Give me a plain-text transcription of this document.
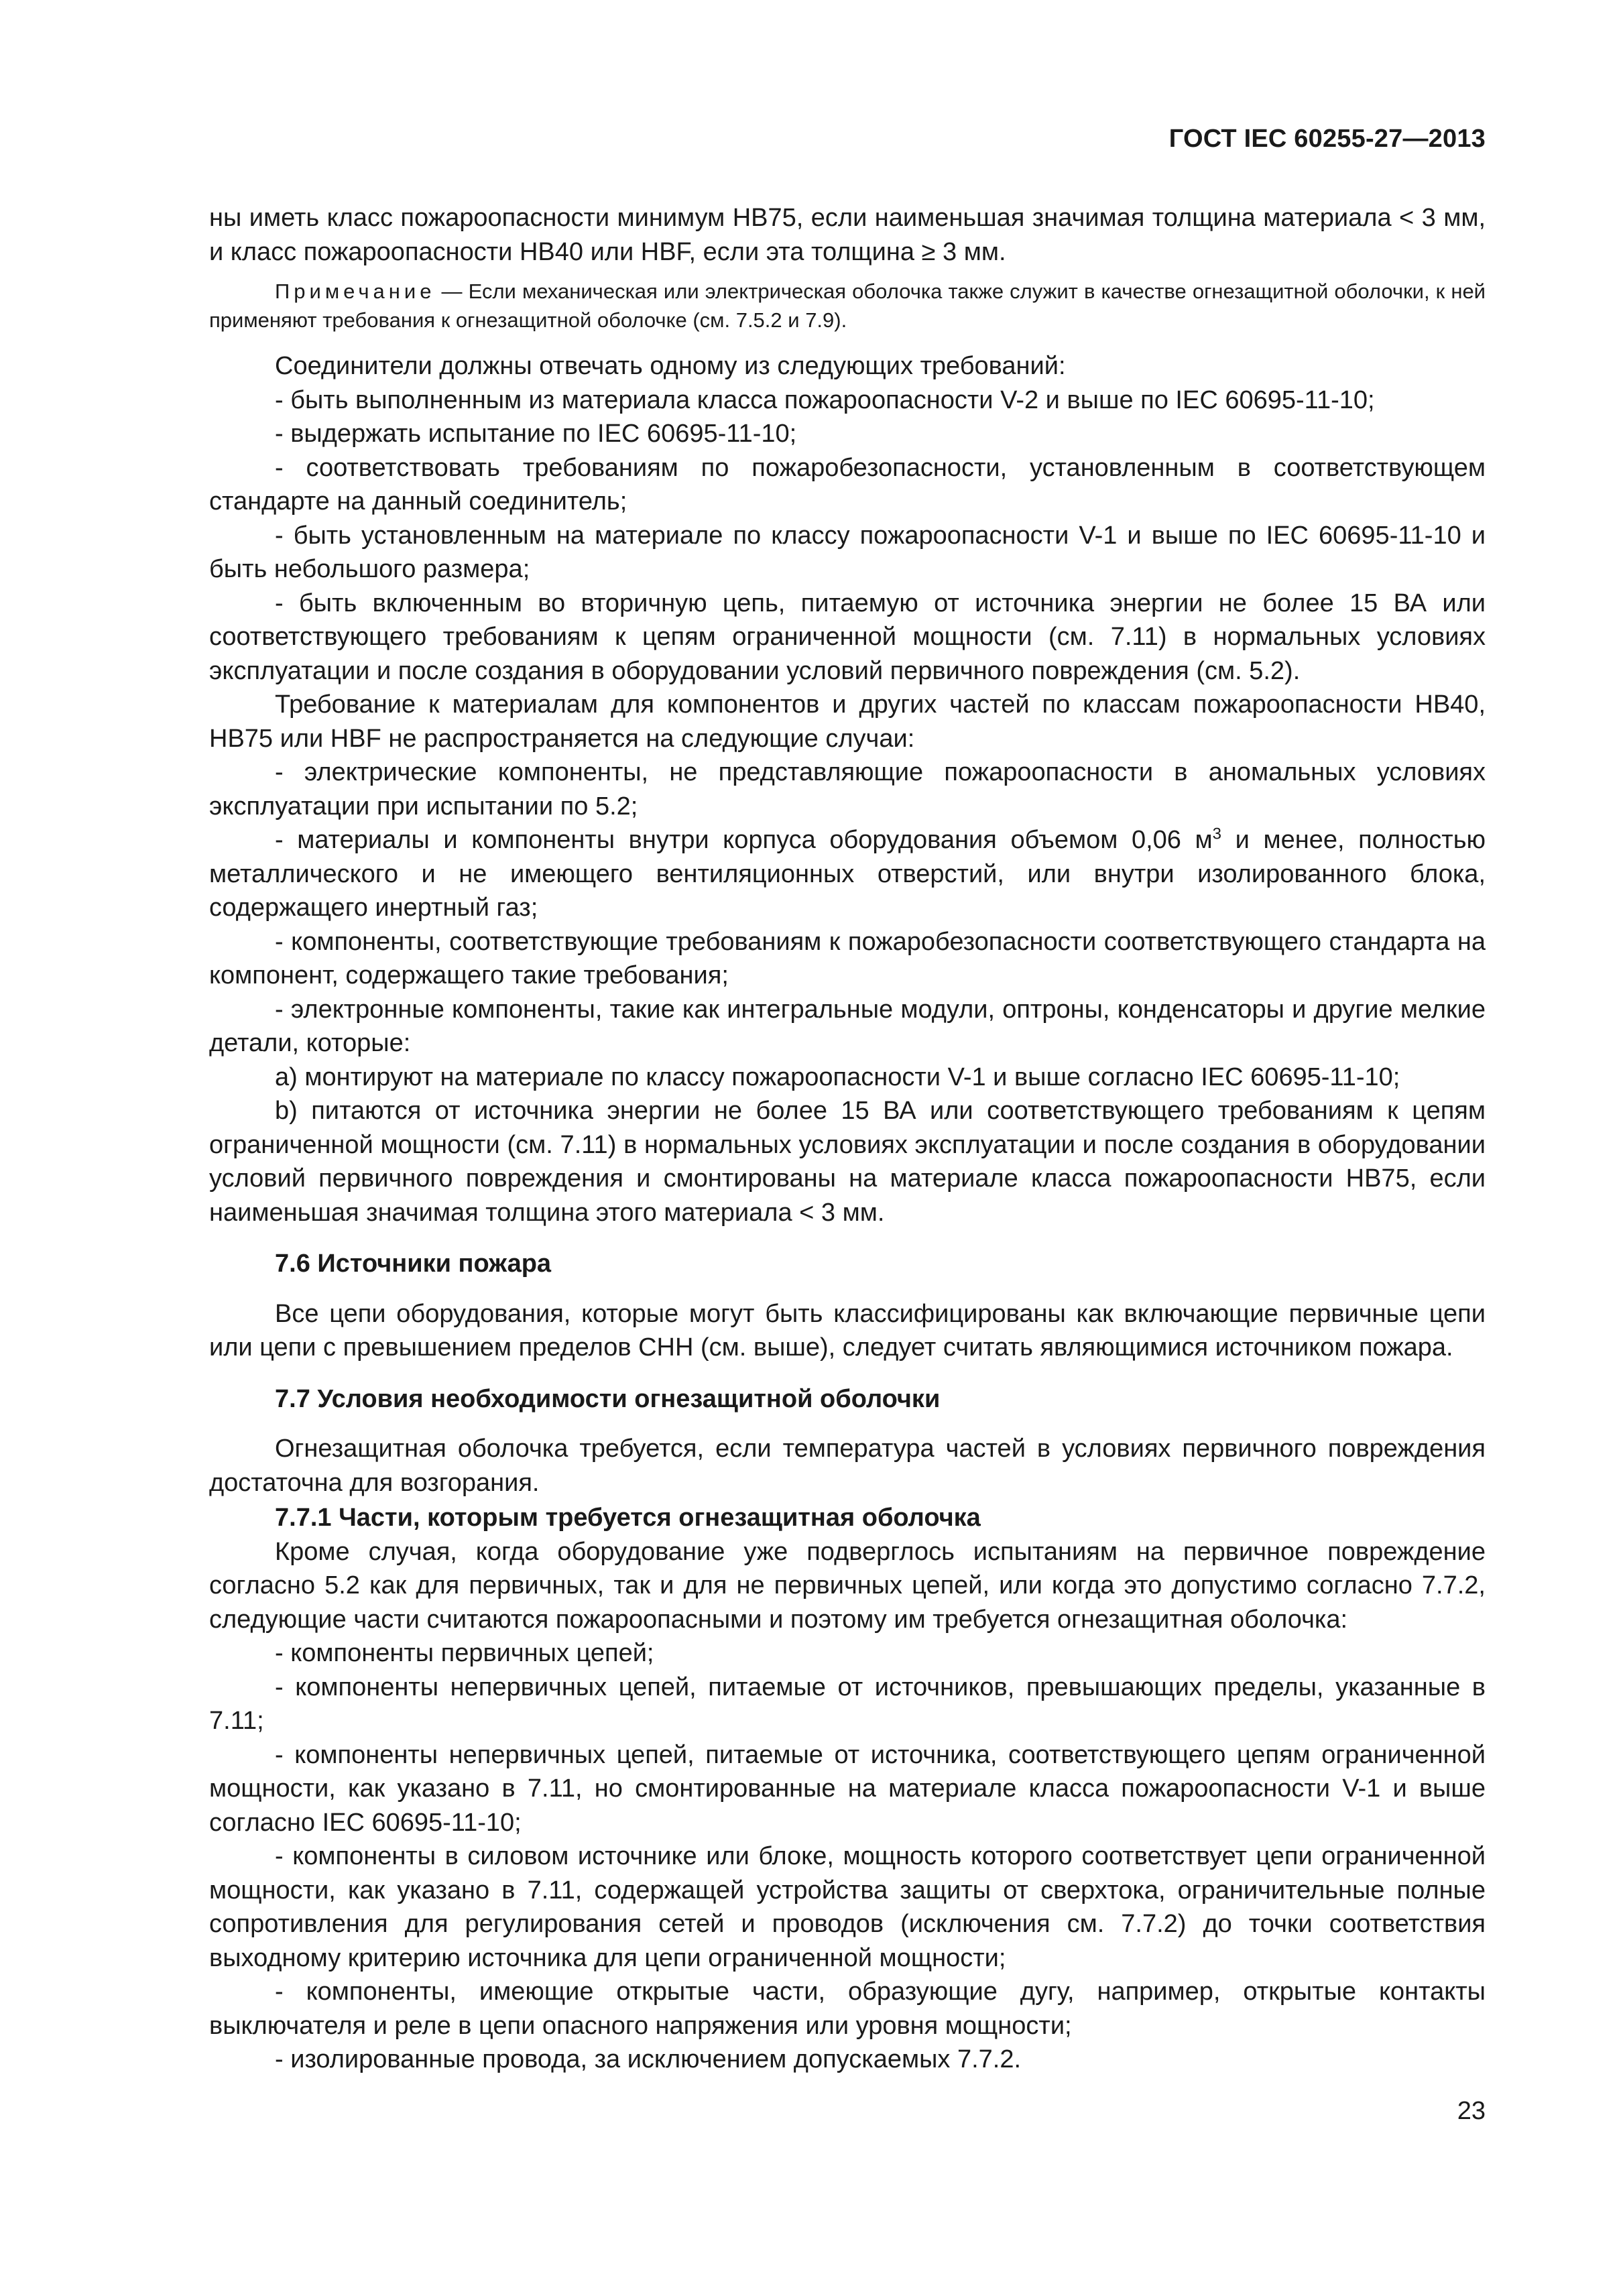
ГОСТ IEC 60255-27—2013

ны иметь класс пожароопасности минимум НВ75, если наименьшая значимая толщина материала < 3 мм, и класс пожароопасности НВ40 или HBF, если эта толщина ≥ 3 мм.

Примечание — Если механическая или электрическая оболочка также служит в качестве огнезащитной оболочки, к ней применяют требования к огнезащитной оболочке (см. 7.5.2 и 7.9).

Соединители должны отвечать одному из следующих требований:

- быть выполненным из материала класса пожароопасности V-2 и выше по IEC 60695-11-10;

- выдержать испытание по IEC 60695-11-10;

- соответствовать требованиям по пожаробезопасности, установленным в соответствующем стандарте на данный соединитель;

- быть установленным на материале по классу пожароопасности V-1 и выше по IEC 60695-11-10 и быть небольшого размера;

- быть включенным во вторичную цепь, питаемую от источника энергии не более 15 ВА или соответствующего требованиям к цепям ограниченной мощности (см. 7.11) в нормальных условиях эксплуатации и после создания в оборудовании условий первичного повреждения (см. 5.2).

Требование к материалам для компонентов и других частей по классам пожароопасности НВ40, НВ75 или HBF не распространяется на следующие случаи:

- электрические компоненты, не представляющие пожароопасности в аномальных условиях эксплуатации при испытании по 5.2;

- материалы и компоненты внутри корпуса оборудования объемом 0,06 $м^3$ и менее, полностью металлического и не имеющего вентиляционных отверстий, или внутри изолированного блока, содержащего инертный газ;

- компоненты, соответствующие требованиям к пожаробезопасности соответствующего стандарта на компонент, содержащего такие требования;

- электронные компоненты, такие как интегральные модули, оптроны, конденсаторы и другие мелкие детали, которые:

a) монтируют на материале по классу пожароопасности V-1 и выше согласно IEC 60695-11-10;

b) питаются от источника энергии не более 15 ВА или соответствующего требованиям к цепям ограниченной мощности (см. 7.11) в нормальных условиях эксплуатации и после создания в оборудовании условий первичного повреждения и смонтированы на материале класса пожароопасности НВ75, если наименьшая значимая толщина этого материала < 3 мм.

7.6 Источники пожара

Все цепи оборудования, которые могут быть классифицированы как включающие первичные цепи или цепи с превышением пределов СНН (см. выше), следует считать являющимися источником пожара.

7.7 Условия необходимости огнезащитной оболочки

Огнезащитная оболочка требуется, если температура частей в условиях первичного повреждения достаточна для возгорания.

7.7.1 Части, которым требуется огнезащитная оболочка

Кроме случая, когда оборудование уже подверглось испытаниям на первичное повреждение согласно 5.2 как для первичных, так и для не первичных цепей, или когда это допустимо согласно 7.7.2, следующие части считаются пожароопасными и поэтому им требуется огнезащитная оболочка:

- компоненты первичных цепей;

- компоненты непервичных цепей, питаемые от источников, превышающих пределы, указанные в 7.11;

- компоненты непервичных цепей, питаемые от источника, соответствующего цепям ограниченной мощности, как указано в 7.11, но смонтированные на материале класса пожароопасности V-1 и выше согласно IEC 60695-11-10;

- компоненты в силовом источнике или блоке, мощность которого соответствует цепи ограниченной мощности, как указано в 7.11, содержащей устройства защиты от сверхтока, ограничительные полные сопротивления для регулирования сетей и проводов (исключения см. 7.7.2) до точки соответствия выходному критерию источника для цепи ограниченной мощности;

- компоненты, имеющие открытые части, образующие дугу, например, открытые контакты выключателя и реле в цепи опасного напряжения или уровня мощности;

- изолированные провода, за исключением допускаемых 7.7.2.

23
